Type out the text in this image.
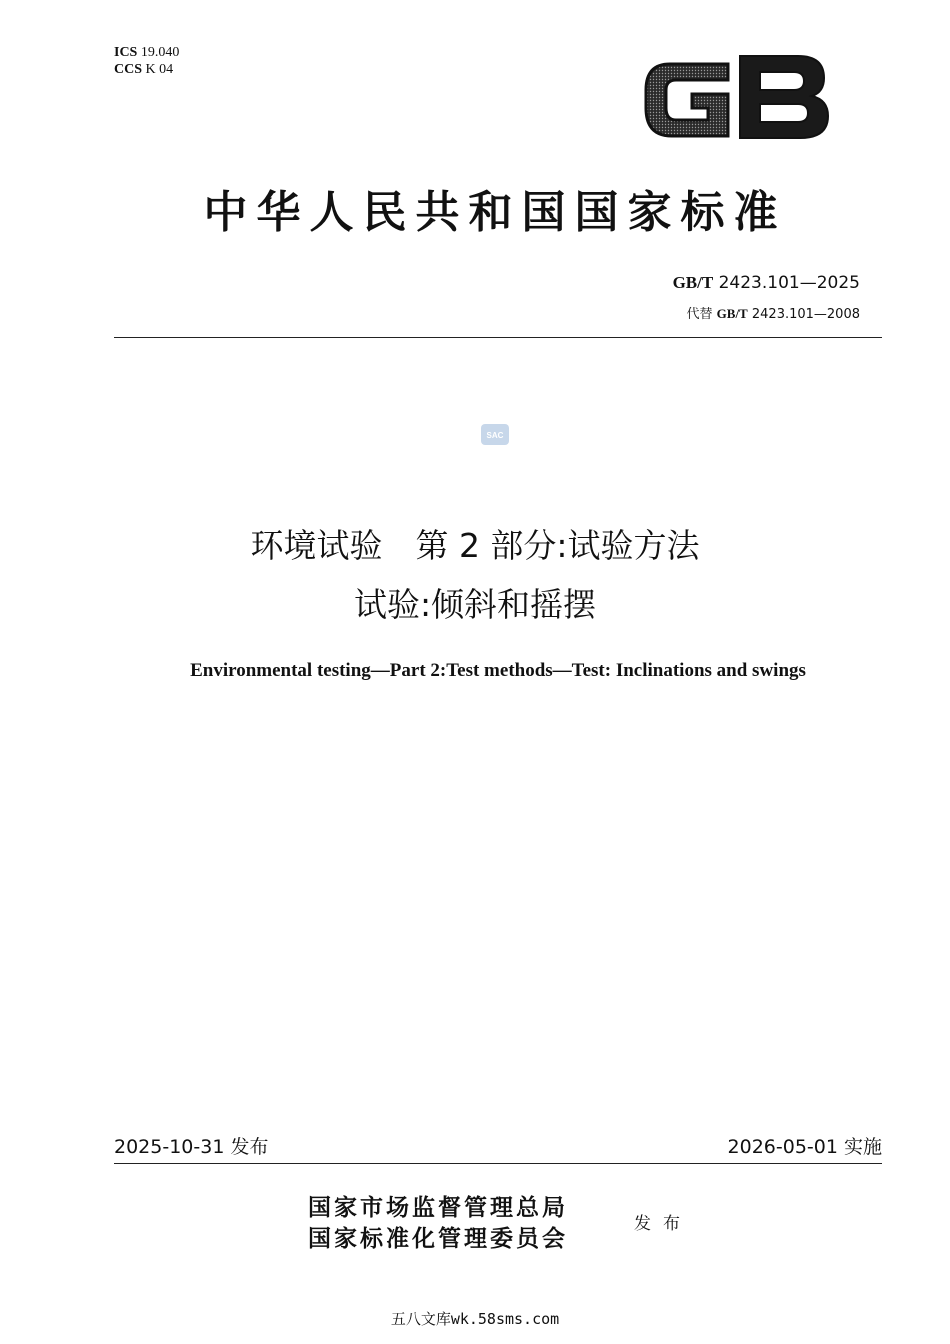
ICS 19.040
CCS K 04
中华人民共和国国家标准
GB/T 2423.101—2025
代替 GB/T 2423.101—2008
SAC
环境试验　第 2 部分:试验方法
试验:倾斜和摇摆
Environmental testing—Part 2:Test methods—Test: Inclinations and swings
2025-10-31 发布	2026-05-01 实施
国家市场监督管理总局
国家标准化管理委员会
发布
五八文库wk.58sms.com
